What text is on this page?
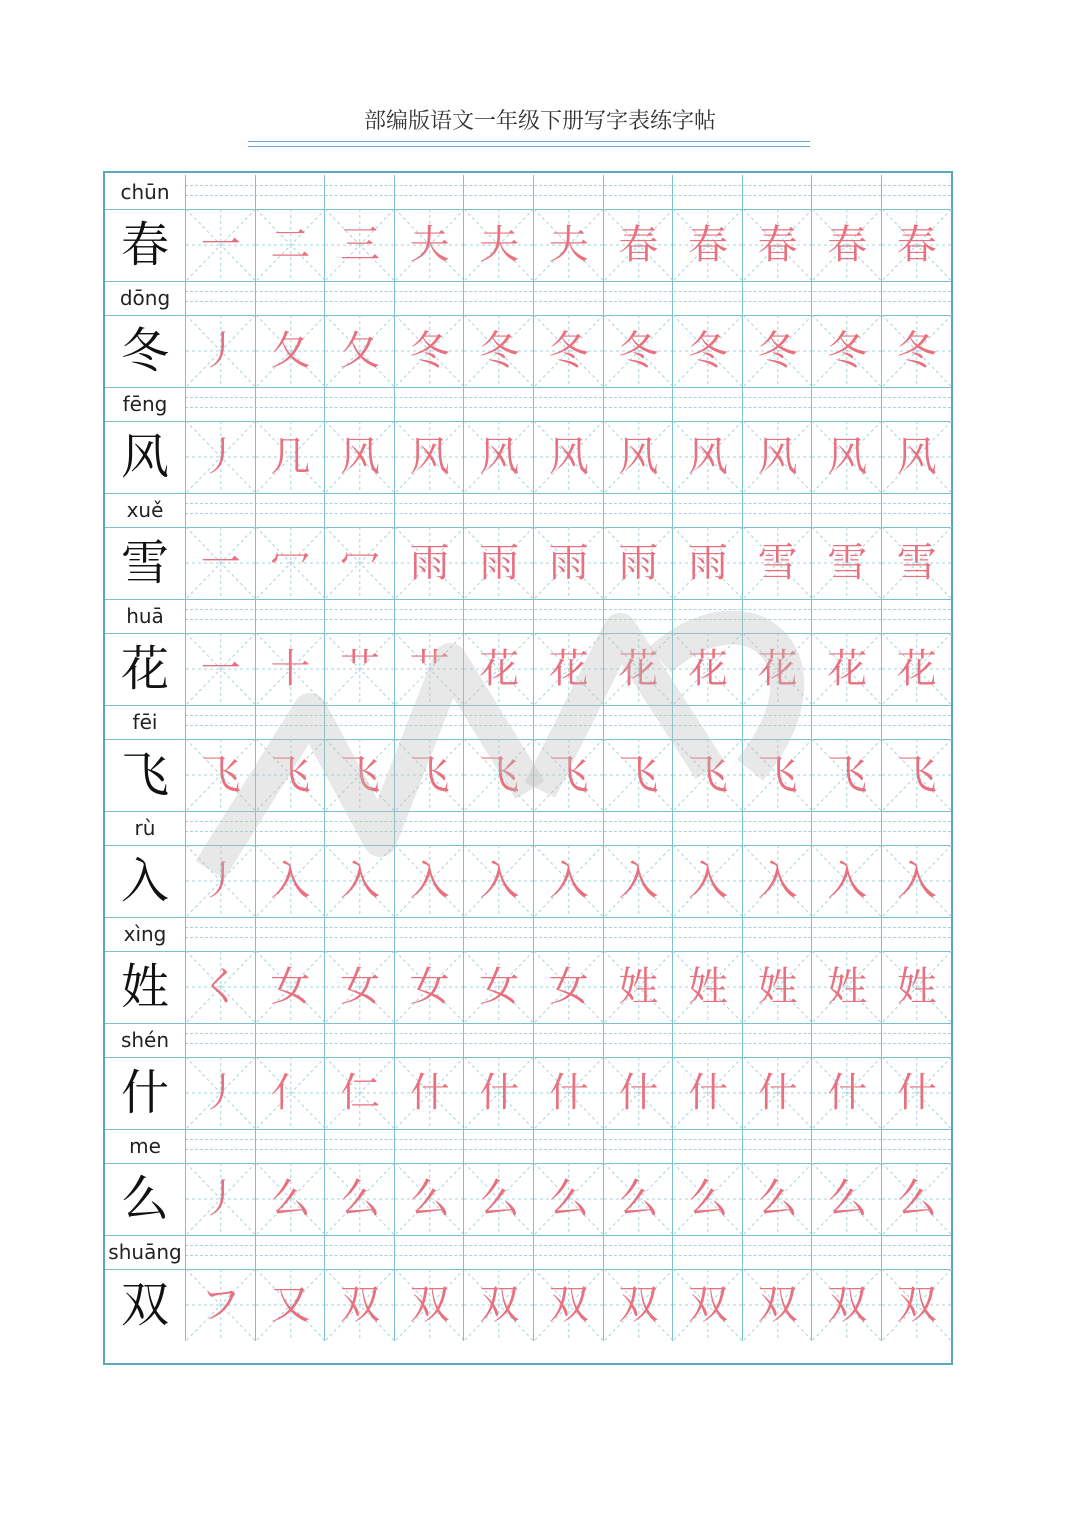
部编版语文一年级下册写字表练字帖
chūn
春 一 二 三 夫 夫 夫 春 春 春 春 春
dōng
冬 丿 夂 夂 冬 冬 冬 冬 冬 冬 冬 冬
fēng
风 丿 几 风 风 风 风 风 风 风 风 风
xuě
雪 一 冖 冖 雨 雨 雨 雨 雨 雪 雪 雪
huā
花 一 十 艹 艹 花 花 花 花 花 花 花
fēi
飞 飞 飞 飞 飞 飞 飞 飞 飞 飞 飞 飞
rù
入 丿 入 入 入 入 入 入 入 入 入 入
xìng
姓 く 女 女 女 女 女 姓 姓 姓 姓 姓
shén
什 丿 亻 仁 什 什 什 什 什 什 什 什
me
么 丿 么 么 么 么 么 么 么 么 么 么
shuāng
双 フ 又 双 双 双 双 双 双 双 双 双
